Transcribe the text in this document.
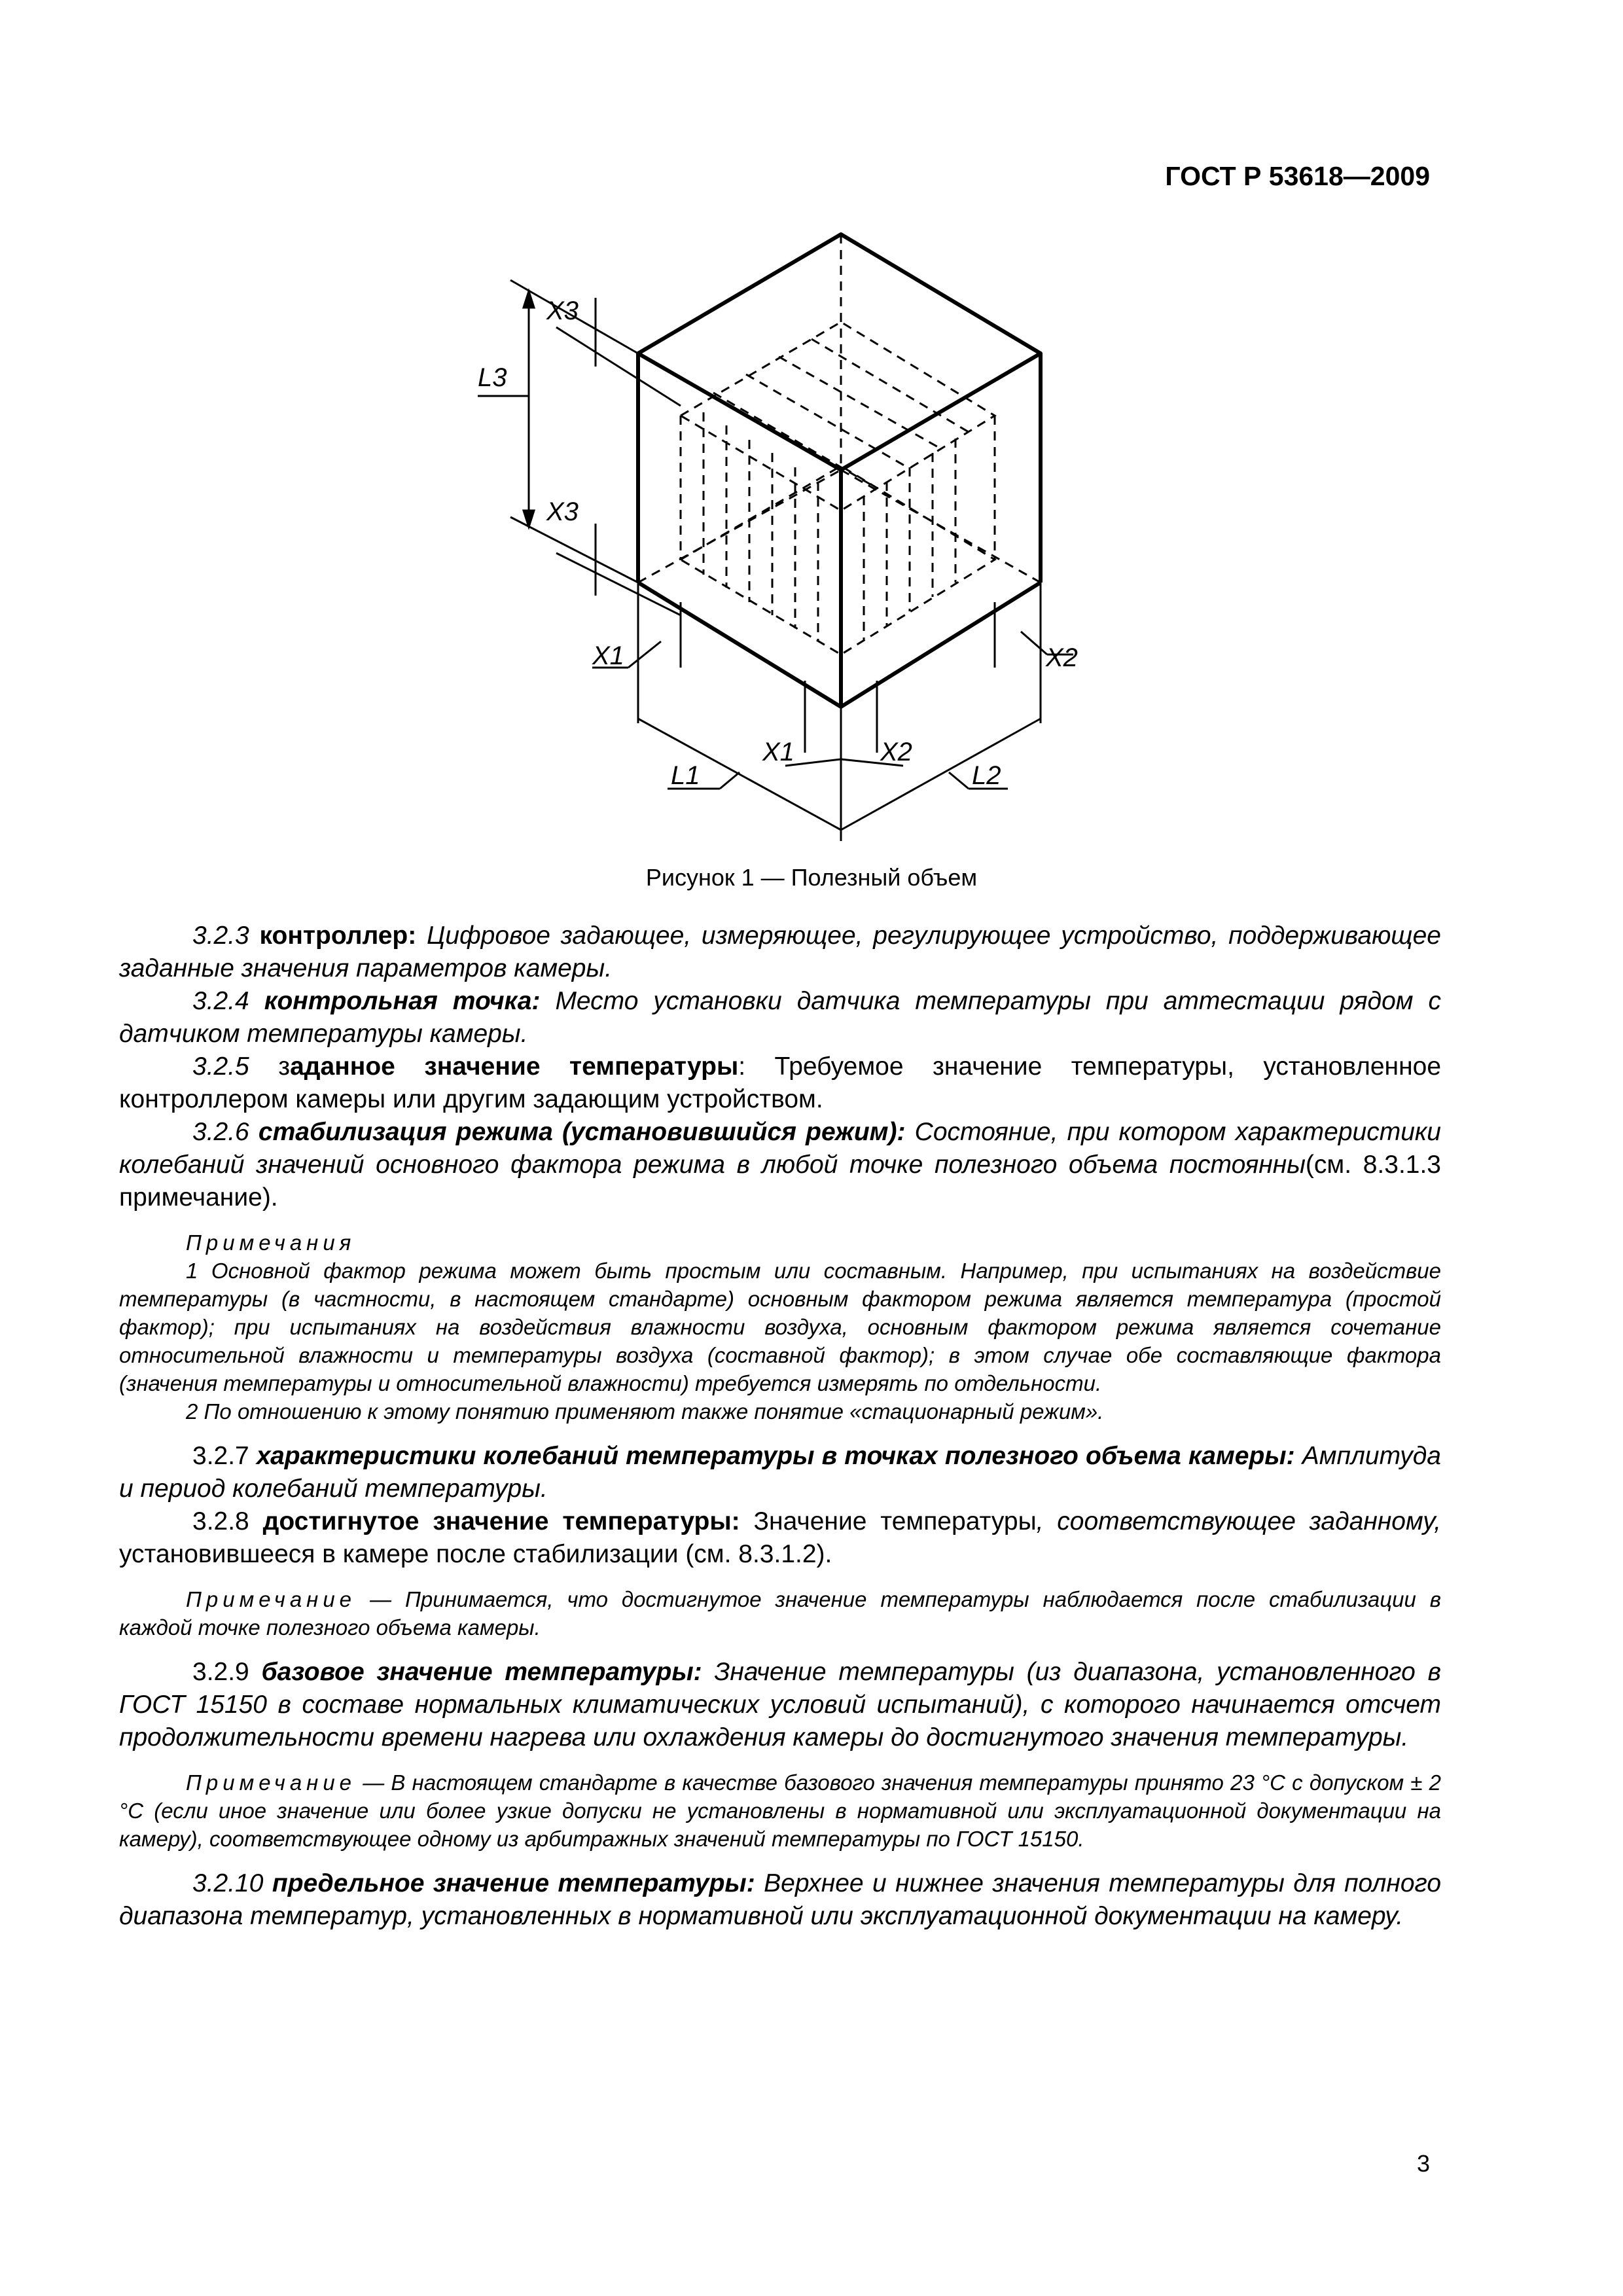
ГОСТ Р 53618—2009
X3
L3
X3
X1	X2
X1	X2
L1	L2
Рисунок 1 — Полезный объем

3.2.3 контроллер: Цифровое задающее, измеряющее, регулирующее устройство, поддерживающее заданные значения параметров камеры.

3.2.4 контрольная точка: Место установки датчика температуры при аттестации рядом с датчиком температуры камеры.

3.2.5 заданное значение температуры: Требуемое значение температуры, установленное контроллером камеры или другим задающим устройством.

3.2.6 стабилизация режима (установившийся режим): Состояние, при котором характеристики колебаний значений основного фактора режима в любой точке полезного объема постоянны(см. 8.3.1.3 примечание).

Примечания

1 Основной фактор режима может быть простым или составным. Например, при испытаниях на воздействие температуры (в частности, в настоящем стандарте) основным фактором режима является температура (простой фактор); при испытаниях на воздействия влажности воздуха, основным фактором режима является сочетание относительной влажности и температуры воздуха (составной фактор); в этом случае обе составляющие фактора (значения температуры и относительной влажности) требуется измерять по отдельности.

2 По отношению к этому понятию применяют также понятие «стационарный режим».

3.2.7 характеристики колебаний температуры в точках полезного объема камеры: Амплитуда и период колебаний температуры.

3.2.8 достигнутое значение температуры: Значение температуры, соответствующее заданному, установившееся в камере после стабилизации (см. 8.3.1.2).

Примечание — Принимается, что достигнутое значение температуры наблюдается после стабилизации в каждой точке полезного объема камеры.

3.2.9 базовое значение температуры: Значение температуры (из диапазона, установленного в ГОСТ 15150 в составе нормальных климатических условий испытаний), с которого начинается отсчет продолжительности времени нагрева или охлаждения камеры до достигнутого значения температуры.

Примечание — В настоящем стандарте в качестве базового значения температуры принято 23 °С с допуском ± 2 °С (если иное значение или более узкие допуски не установлены в нормативной или эксплуатационной документации на камеру), соответствующее одному из арбитражных значений температуры по ГОСТ 15150.

3.2.10 предельное значение температуры: Верхнее и нижнее значения температуры для полного диапазона температур, установленных в нормативной или эксплуатационной документации на камеру.

3
